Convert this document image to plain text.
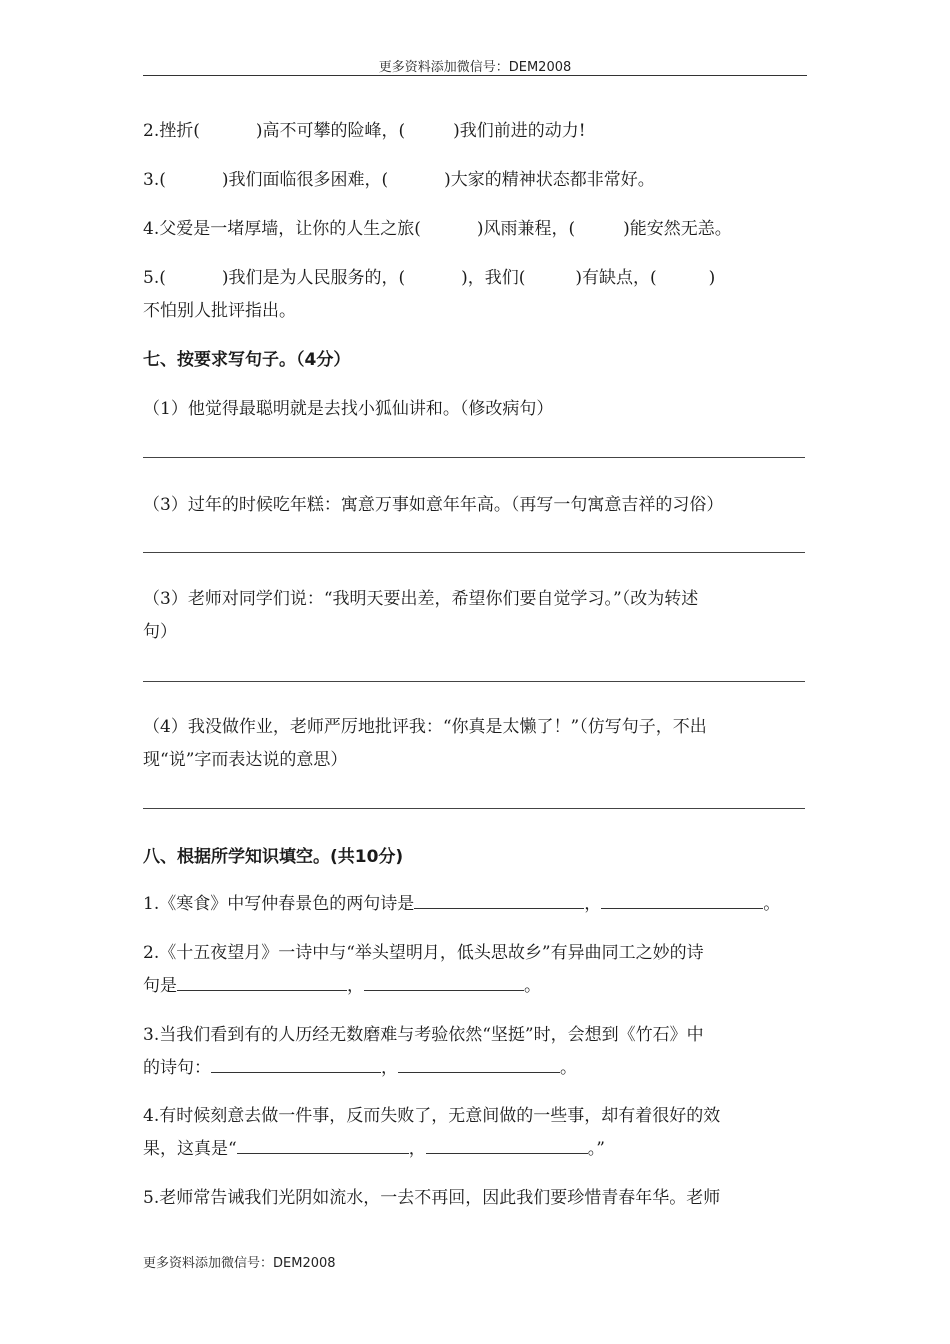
更多资料添加微信号：DEM2008
2.挫折(	)高不可攀的险峰，(	)我们前进的动力!
3.(	)我们面临很多困难，(	)大家的精神状态都非常好。
4.父爱是一堵厚墙，让你的人生之旅(	)风雨兼程，(	)能安然无恙。
5.(	)我们是为人民服务的，(	)，我们(	)有缺点，(	)
不怕别人批评指出。
七、按要求写句子。（4分）
（1）他觉得最聪明就是去找小狐仙讲和。（修改病句）
（3）过年的时候吃年糕：寓意万事如意年年高。（再写一句寓意吉祥的习俗）
（3）老师对同学们说：“我明天要出差，希望你们要自觉学习。”（改为转述
句）
（4）我没做作业，老师严厉地批评我：“你真是太懒了！”（仿写句子，不出
现“说”字而表达说的意思）
八、根据所学知识填空。(共10分)
1.《寒食》中写仲春景色的两句诗是	，	。
2.《十五夜望月》一诗中与“举头望明月，低头思故乡”有异曲同工之妙的诗
句是	，	。
3.当我们看到有的人历经无数磨难与考验依然“坚挺”时，会想到《竹石》中
的诗句：	，	。
4.有时候刻意去做一件事，反而失败了，无意间做的一些事，却有着很好的效
果，这真是“	，	。”
5.老师常告诫我们光阴如流水，一去不再回，因此我们要珍惜青春年华。老师
更多资料添加微信号：DEM2008
